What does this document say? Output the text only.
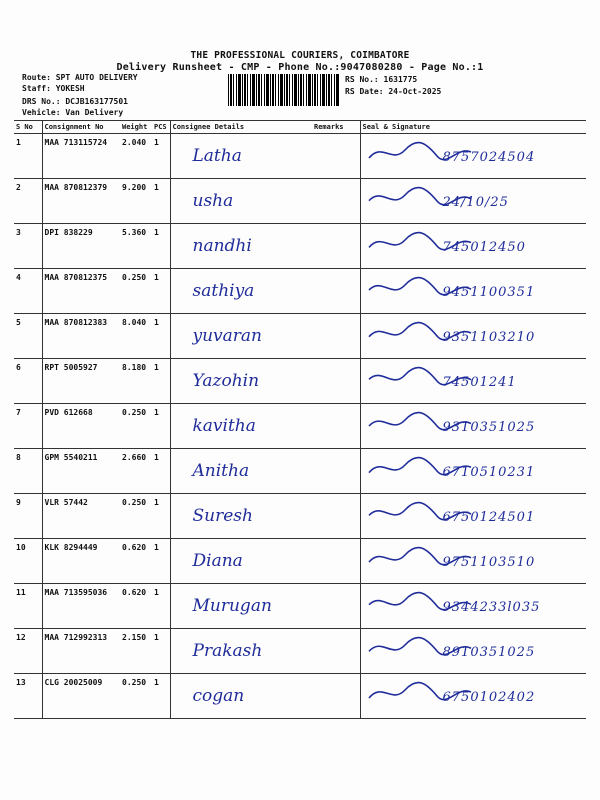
THE PROFESSIONAL COURIERS, COIMBATORE
Delivery Runsheet - CMP - Phone No.:9047080280 - Page No.:1
Route: SPT AUTO DELIVERY
Staff: YOKESH
DRS No.: DCJB163177501
Vehicle: Van Delivery
RS No.: 1631775
RS Date: 24-Oct-2025
S No	Consignment No	Weight	PCS	Consignee Details	Remarks	Seal & Signature
1	MAA 713115724	2.040	1	Latha		8757024504

2	MAA 870812379	9.200	1	usha		24/10/25

3	DPI 838229	5.360	1	nandhi		745012450

4	MAA 870812375	0.250	1	sathiya		9451100351

5	MAA 870812383	8.040	1	yuvaran		9351103210

6	RPT 5005927	8.180	1	Yazohin		74501241

7	PVD 612668	0.250	1	kavitha		9310351025

8	GPM 5540211	2.660	1	Anitha		6710510231

9	VLR 57442	0.250	1	Suresh		6750124501

10	KLK 8294449	0.620	1	Diana		9751103510

11	MAA 713595036	0.620	1	Murugan		9344233l035

12	MAA 712992313	2.150	1	Prakash		8910351025

13	CLG 20025009	0.250	1	cogan		6750102402
